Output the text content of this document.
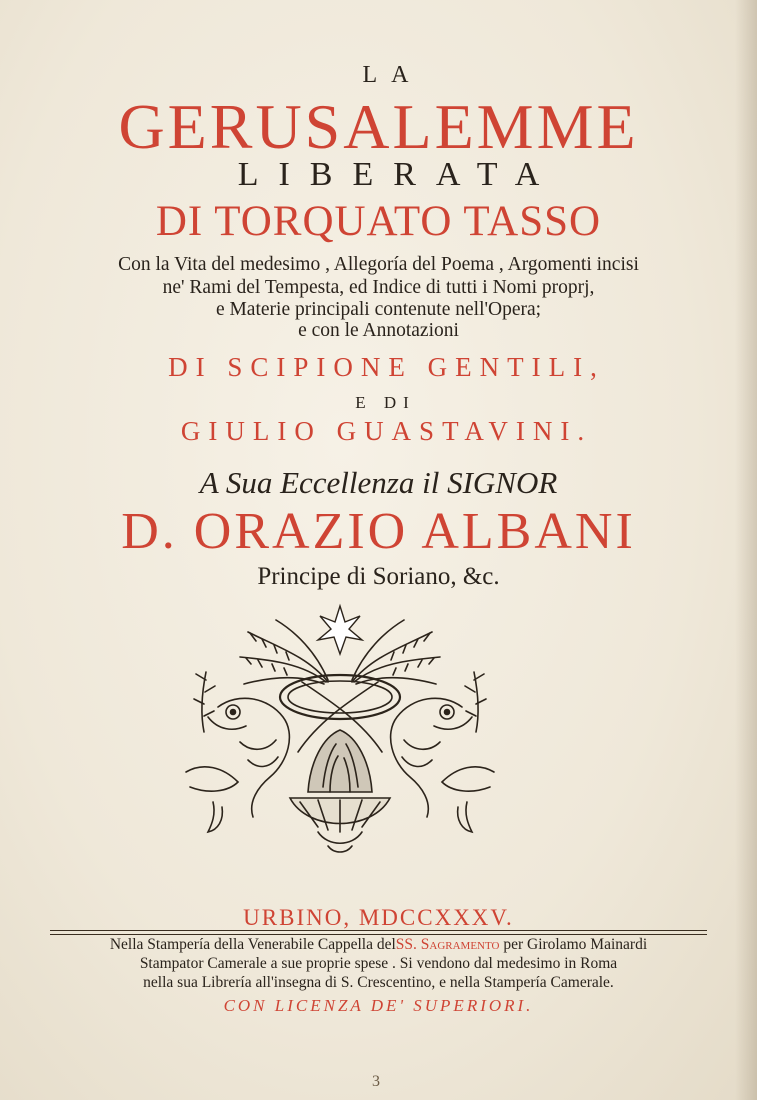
LA
GERUSALEMME
LIBERATA
DI TORQUATO TASSO
Con la Vita del medesimo , Allegoría del Poema , Argomenti incisi
ne' Rami del Tempesta, ed Indice di tutti i Nomi proprj,
e Materie principali contenute nell'Opera;
e con le Annotazioni
DI SCIPIONE GENTILI,
E DI
GIULIO GUASTAVINI.
A Sua Eccellenza il SIGNOR
D. ORAZIO ALBANI
Principe di Soriano, &c.
URBINO, MDCCXXXV.
Nella Stampería della Venerabile Cappella delSS. Sagramento per Girolamo Mainardi
Stampator Camerale a sue proprie spese . Si vendono dal medesimo in Roma
nella sua Librería all'insegna di S. Crescentino, e nella Stampería Camerale.
CON LICENZA DE' SUPERIORI.
3
